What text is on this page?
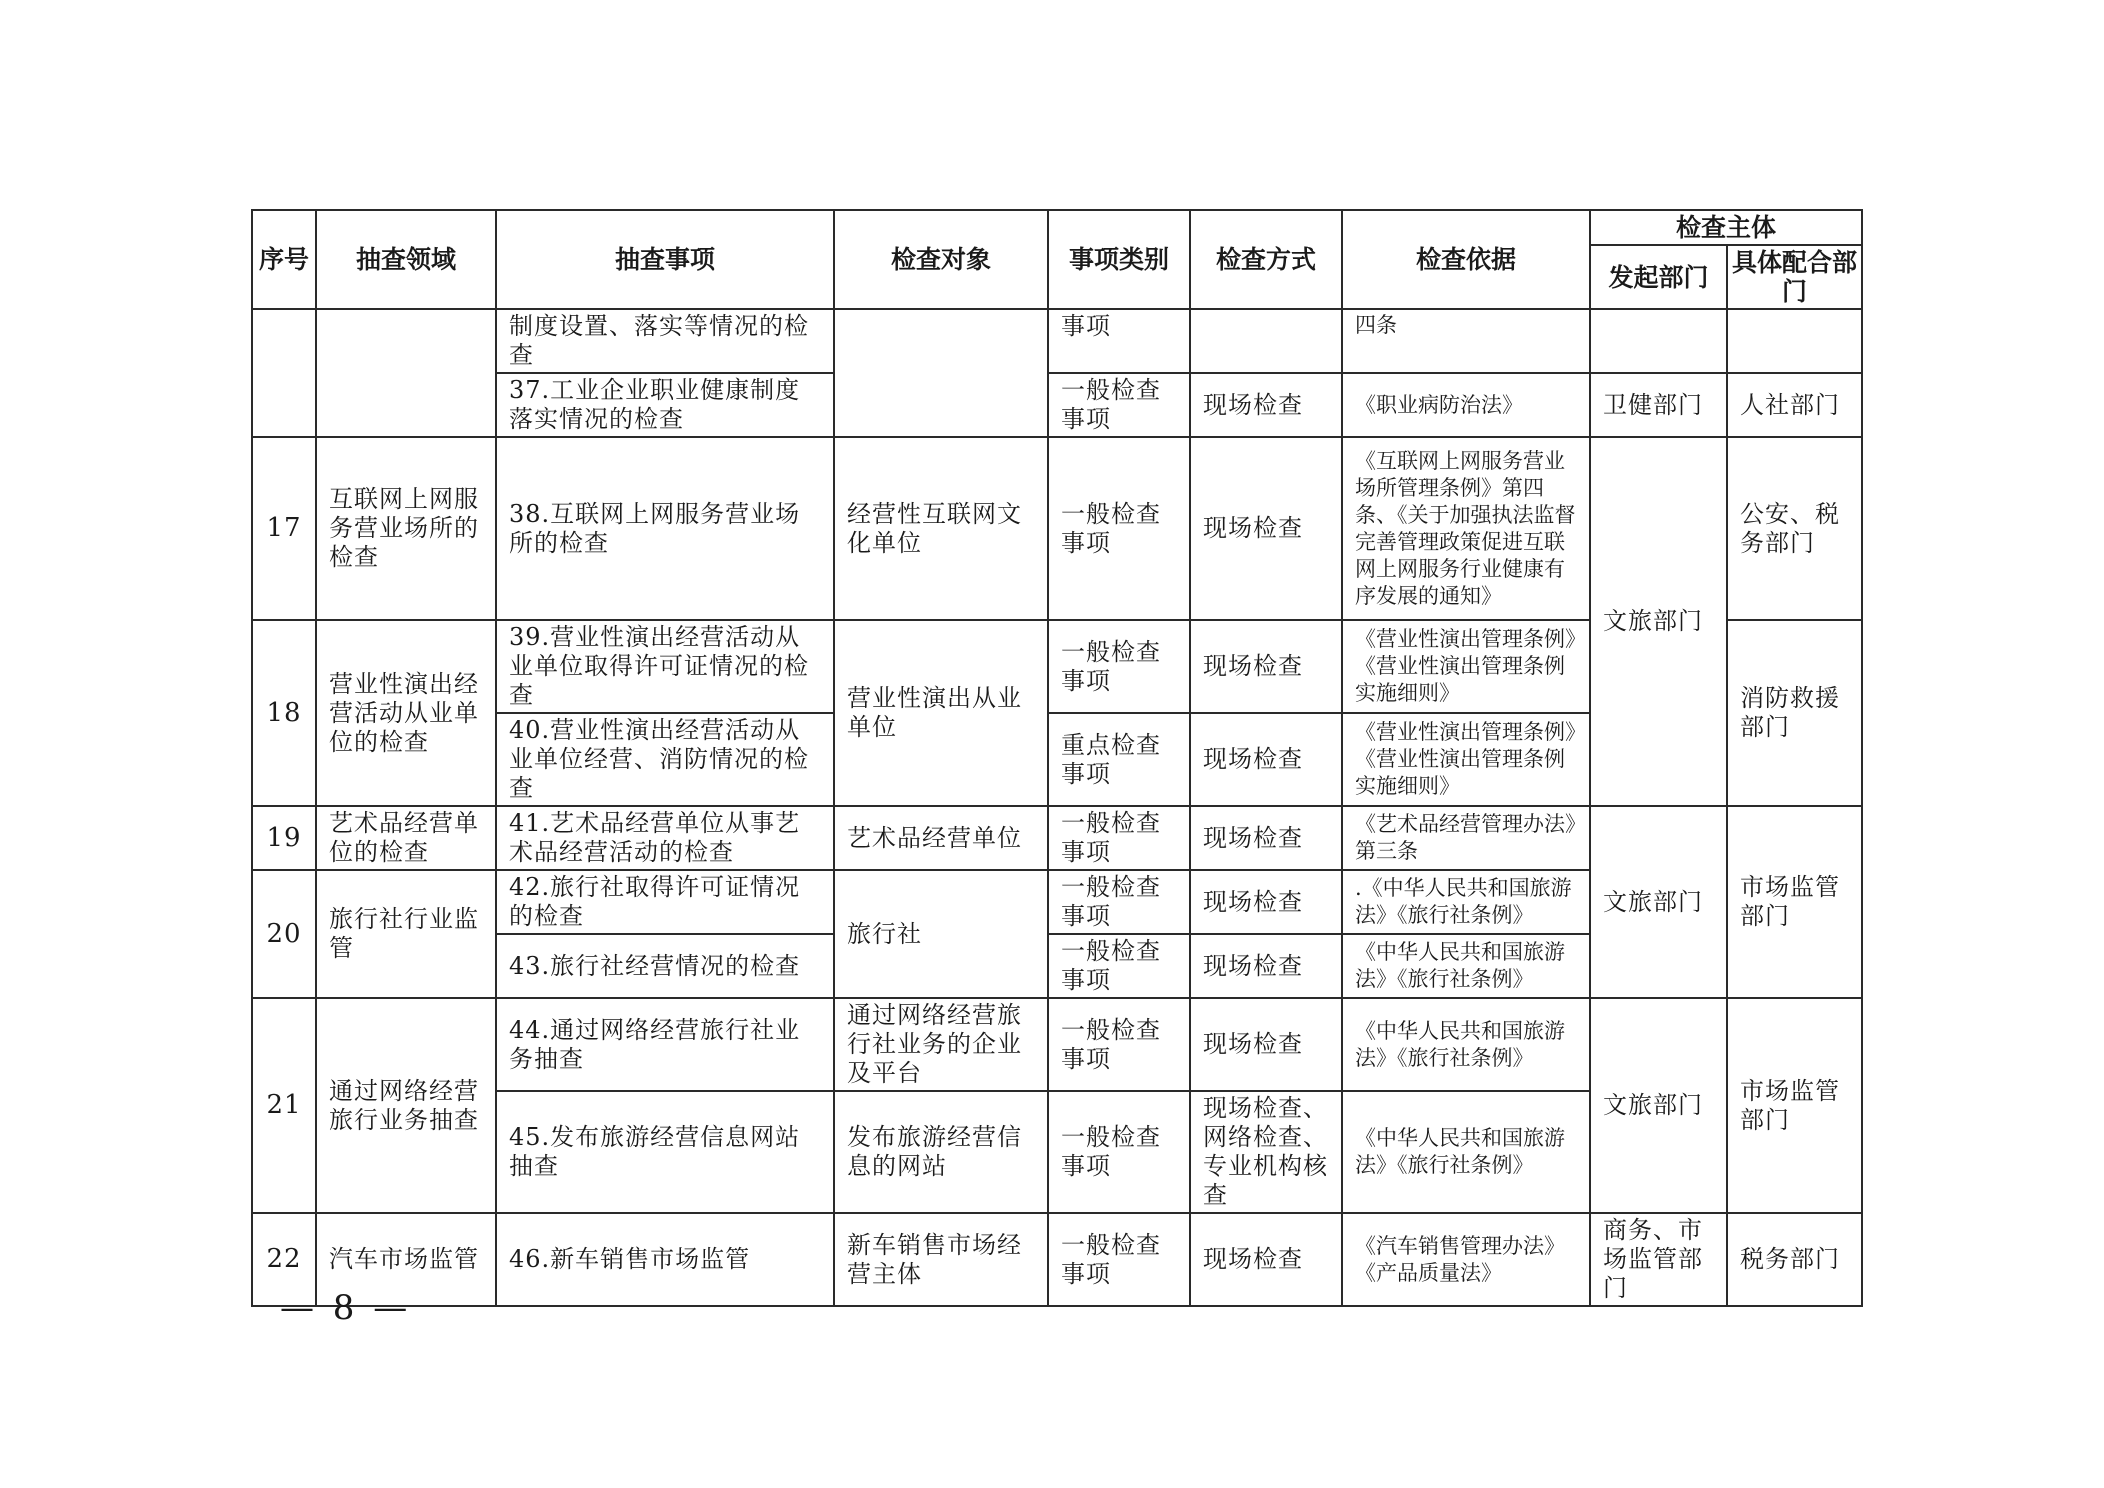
序号	抽查领域	抽查事项	检查对象	事项类别	检查方式	检查依据	检查主体	
							发起部门	具体配合部门
		制度设置、落实等情况的检查		事项		四条		
		37.工业企业职业健康制度落实情况的检查		一般检查事项	现场检查	《职业病防治法》	卫健部门	人社部门
17	互联网上网服务营业场所的检查	38.互联网上网服务营业场所的检查	经营性互联网文化单位	一般检查事项	现场检查	《互联网上网服务营业场所管理条例》第四条、《关于加强执法监督完善管理政策促进互联网上网服务行业健康有序发展的通知》	文旅部门	公安、税务部门
18	营业性演出经营活动从业单位的检查	39.营业性演出经营活动从业单位取得许可证情况的检查	营业性演出从业单位	一般检查事项	现场检查	《营业性演出管理条例》《营业性演出管理条例实施细则》		消防救援部门
		40.营业性演出经营活动从业单位经营、消防情况的检查		重点检查事项	现场检查	《营业性演出管理条例》《营业性演出管理条例实施细则》		
19	艺术品经营单位的检查	41.艺术品经营单位从事艺术品经营活动的检查	艺术品经营单位	一般检查事项	现场检查	《艺术品经营管理办法》第三条	文旅部门	市场监管部门
20	旅行社行业监管	42.旅行社取得许可证情况的检查	旅行社	一般检查事项	现场检查	.《中华人民共和国旅游法》《旅行社条例》		
		43.旅行社经营情况的检查		一般检查事项	现场检查	《中华人民共和国旅游法》《旅行社条例》		
21	通过网络经营旅行业务抽查	44.通过网络经营旅行社业务抽查	通过网络经营旅行社业务的企业及平台	一般检查事项	现场检查	《中华人民共和国旅游法》《旅行社条例》	文旅部门	市场监管部门
		45.发布旅游经营信息网站抽查	发布旅游经营信息的网站	一般检查事项	现场检查、网络检查、专业机构核查	《中华人民共和国旅游法》《旅行社条例》		
22	汽车市场监管	46.新车销售市场监管	新车销售市场经营主体	一般检查事项	现场检查	《汽车销售管理办法》《产品质量法》	商务、市场监管部门	税务部门
— 8 —
